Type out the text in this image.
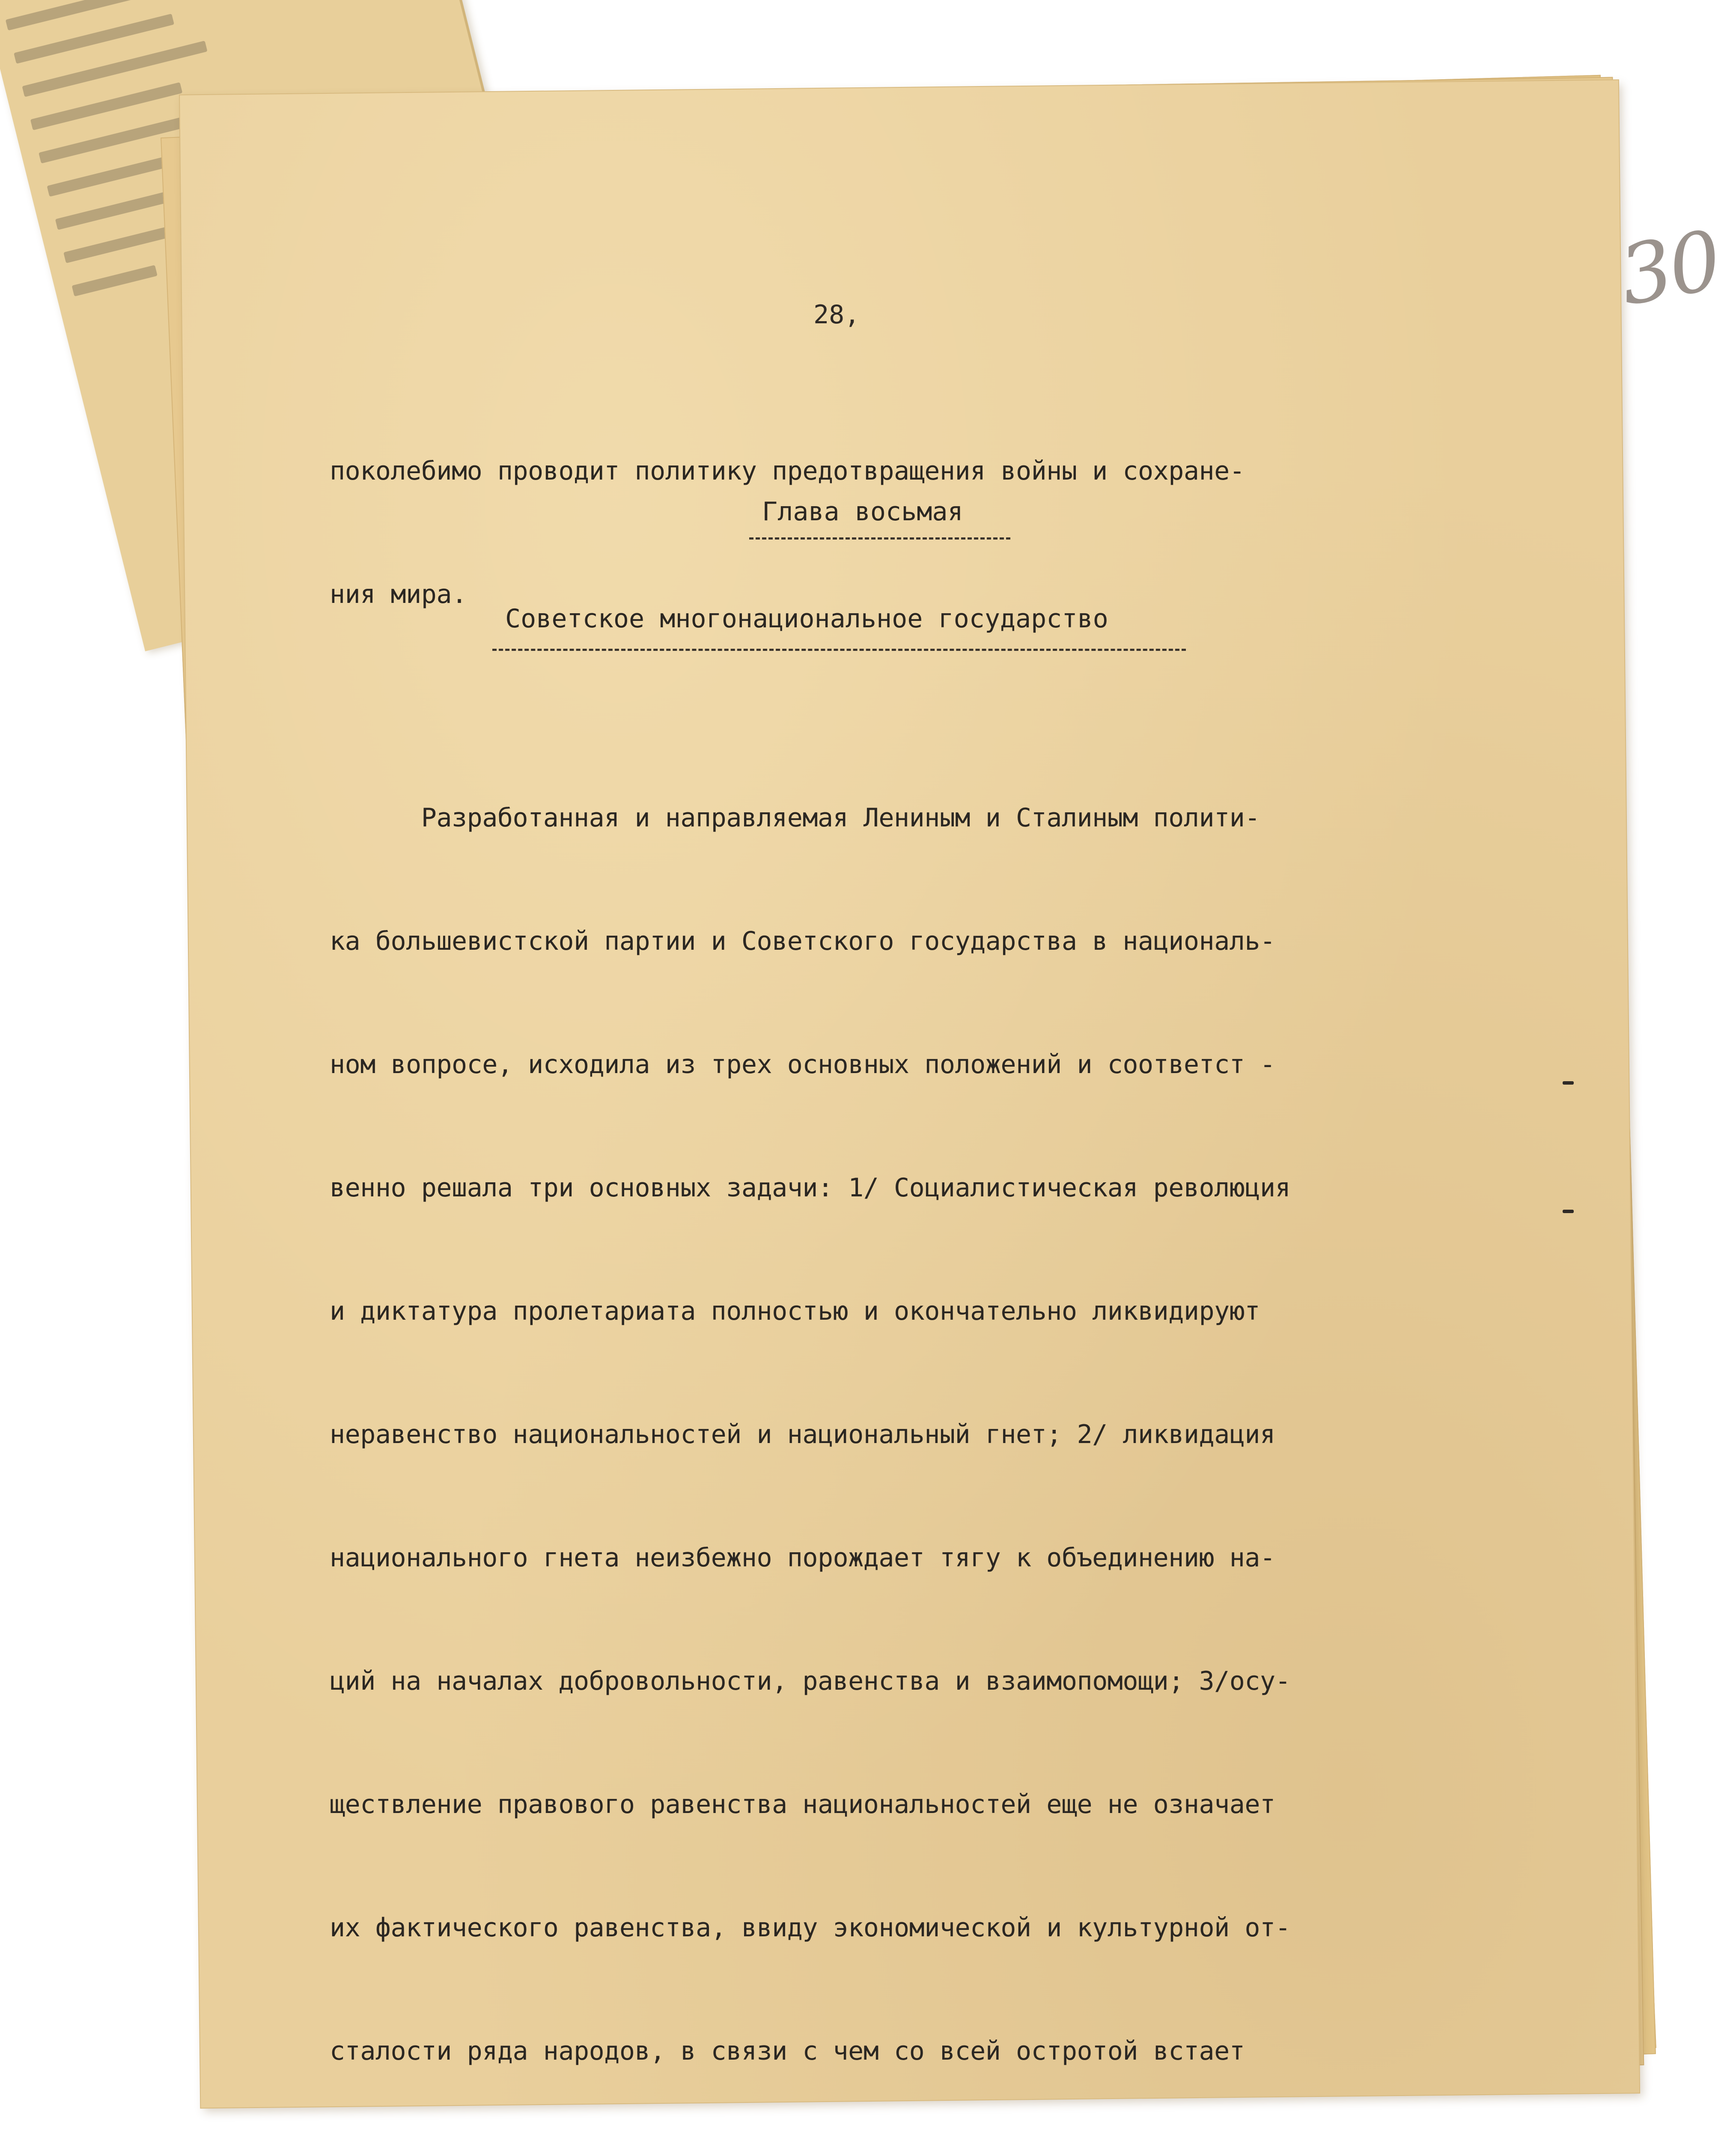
30
28,

поколебимо проводит политику предотвращения войны и сохране-

ния мира.

Глава восьмая
Советское многонациональное государство

Разработанная и направляемая Лениным и Сталиным полити-

ка большевистской партии и Советского государства в националь-

ном вопросе, исходила из трех основных положений и соответст -

венно решала три основных задачи: 1/ Социалистическая революция

и диктатура пролетариата полностью и окончательно ликвидируют

неравенство национальностей и национальный гнет; 2/ ликвидация

национального гнета неизбежно порождает тягу к объединению на-

ций на началах добровольности, равенства и взаимопомощи; 3/осу-

ществление правового равенства национальностей еще не означает

их фактического равенства, ввиду экономической и культурной от-

сталости ряда народов, в связи с чем со всей остротой встает
